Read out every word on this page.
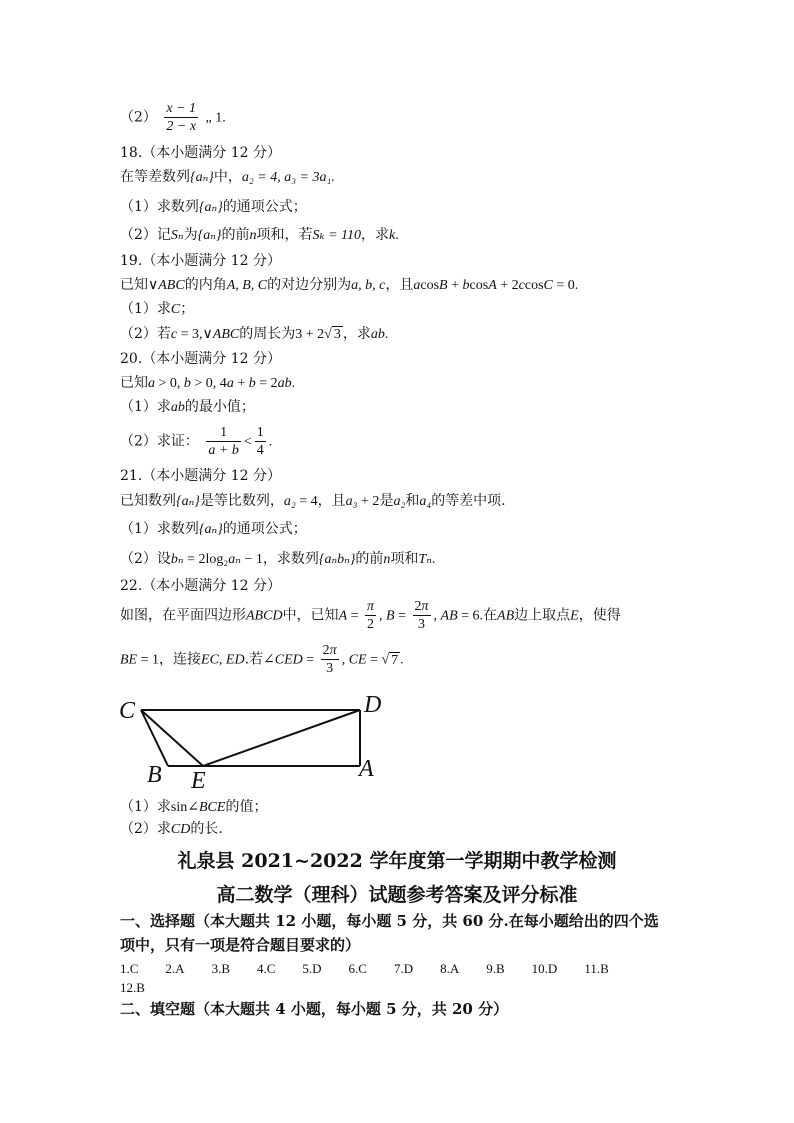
$(2) \frac{x - 1}{2 - x}$ „ 1.
18.（本小题满分 12 分）
在等差数列{aₙ}中，a₂ = 4, a₃ = 3a₁.
（1）求数列{aₙ}的通项公式；
（2）记Sₙ为{aₙ}的前n项和，若Sₖ = 110，求k.
19.（本小题满分 12 分）
已知∨ABC的内角A, B, C的对边分别为a, b, c，且acosB + bcosA + 2ccosC = 0.
（1）求C；
（2）若c = 3,∨ABC的周长为3 + 2√ 3 ，求ab.
20.（本小题满分 12 分）
已知a > 0, b > 0, 4a + b = 2ab.
（1）求ab的最小值；
（2）求证： $\frac{1}{a + b} < \frac{1}{4}$ .
21.（本小题满分 12 分）
已知数列{aₙ}是等比数列，a₂ = 4，且a₃ + 2是a₂和a₄的等差中项.
（1）求数列{aₙ}的通项公式；
（2）设bₙ = 2log₂aₙ − 1，求数列{aₙbₙ}的前n项和Tₙ.
22.（本小题满分 12 分）
如图，在平面四边形ABCD中，已知$A = \frac{\pi}{2}$ , $B = \frac{2\pi}{3}$ , AB = 6.在AB边上取点E，使得
BE = 1，连接EC, ED.若∠CED = $\frac{2\pi}{3}$ , CE = √ 7 .
C	D
B E	A
（1）求sin∠BCE的值；
（2）求CD的长.
礼泉县 2021~2022 学年度第一学期期中教学检测
高二数学（理科）试题参考答案及评分标准
一、选择题（本大题共 12 小题，每小题 5 分，共 60 分.在每小题给出的四个选
项中，只有一项是符合题目要求的）
1.C 2.A 3.B 4.C 5.D 6.C 7.D 8.A 9.B 10.D 11.B
12.B
二、填空题（本大题共 4 小题，每小题 5 分，共 20 分）
